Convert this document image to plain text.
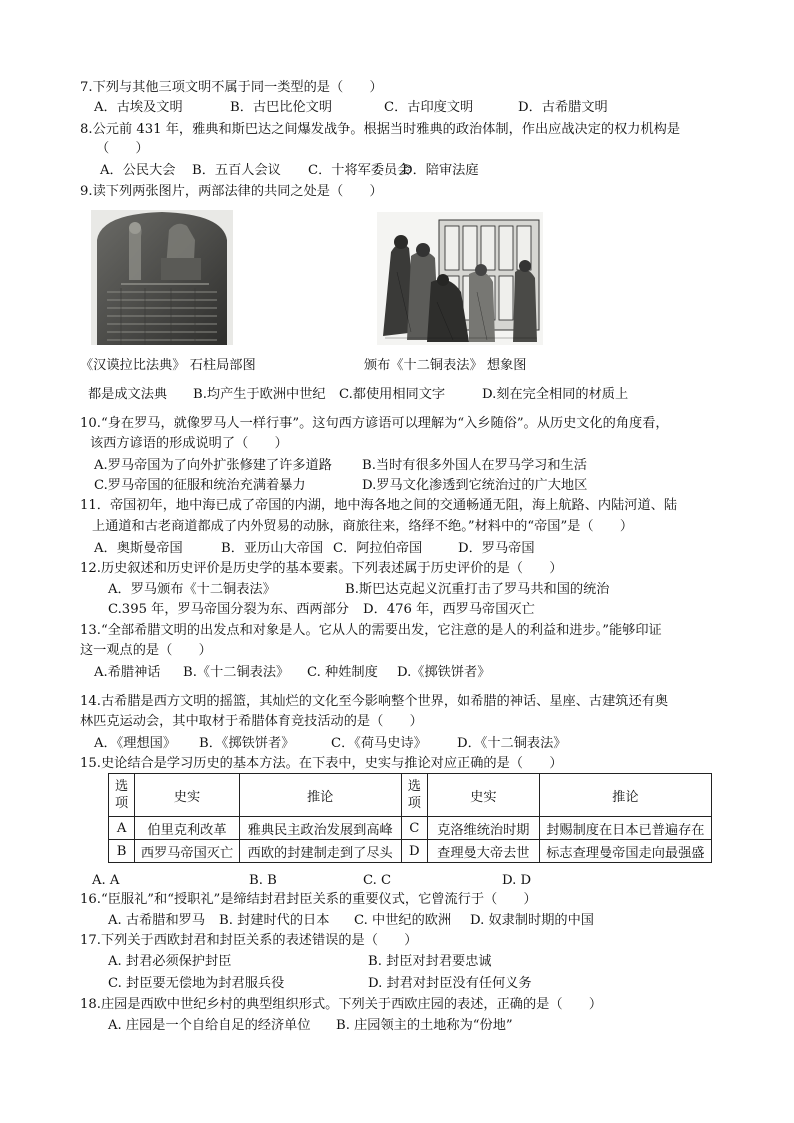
7.下列与其他三项文明不属于同一类型的是（　　）
A．古埃及文明	B．古巴比伦文明	C．古印度文明	D．古希腊文明
8.公元前 431 年，雅典和斯巴达之间爆发战争。根据当时雅典的政治体制，作出应战决定的权力机构是
（　　）
A．公民大会 B．五百人会议 C．十将军委员会
D．陪审法庭
9.读下列两张图片，两部法律的共同之处是（　　）
《汉谟拉比法典》 石柱局部图	颁布《十二铜表法》 想象图
都是成文法典 B.均产生于欧洲中世纪 C.都使用相同文字	D.刻在完全相同的材质上
10.“身在罗马，就像罗马人一样行事”。这句西方谚语可以理解为“入乡随俗”。从历史文化的角度看，
该西方谚语的形成说明了（　　）
A.罗马帝国为了向外扩张修建了许多道路 B.当时有很多外国人在罗马学习和生活
C.罗马帝国的征服和统治充满着暴力	D.罗马文化渗透到它统治过的广大地区
11．帝国初年，地中海已成了帝国的内湖，地中海各地之间的交通畅通无阻，海上航路、内陆河道、陆
上通道和古老商道都成了内外贸易的动脉，商旅往来，络绎不绝。”材料中的“帝国”是（　　）
A．奥斯曼帝国	B．亚历山大帝国 C．阿拉伯帝国	D．罗马帝国
12.历史叙述和历史评价是历史学的基本要素。下列表述属于历史评价的是（　　）
A．罗马颁布《十二铜表法》	B.斯巴达克起义沉重打击了罗马共和国的统治
C.395 年，罗马帝国分裂为东、西两部分 D．476 年，西罗马帝国灭亡
13.“全部希腊文明的出发点和对象是人。它从人的需要出发，它注意的是人的利益和进步。”能够印证
这一观点的是（　　）
A.希腊神话 B.《十二铜表法》 C. 种姓制度 D.《掷铁饼者》
14.古希腊是西方文明的摇篮，其灿烂的文化至今影响整个世界，如希腊的神话、星座、古建筑还有奥
林匹克运动会，其中取材于希腊体育竞技活动的是（　　）
A．《理想国》 B．《掷铁饼者》	C．《荷马史诗》 D．《十二铜表法》
15.史论结合是学习历史的基本方法。在下表中，史实与推论对应正确的是（　　）
选项	史实	推论	选项	史实	推论
A	伯里克利改革	雅典民主政治发展到高峰	C	克洛维统治时期	封赐制度在日本已普遍存在
B	西罗马帝国灭亡	西欧的封建制走到了尽头	D	查理曼大帝去世	标志查理曼帝国走向最强盛
A. A	B. B	C. C	D. D
16.“臣服礼”和“授职礼”是缔结封君封臣关系的重要仪式，它曾流行于（　　）
A. 古希腊和罗马 B. 封建时代的日本 C. 中世纪的欧洲 D. 奴隶制时期的中国
17.下列关于西欧封君和封臣关系的表述错误的是（　　）
A. 封君必须保护封臣	B. 封臣对封君要忠诚
C. 封臣要无偿地为封君服兵役	D. 封君对封臣没有任何义务
18.庄园是西欧中世纪乡村的典型组织形式。下列关于西欧庄园的表述，正确的是（　　）
A. 庄园是一个自给自足的经济单位 B. 庄园领主的土地称为“份地”
